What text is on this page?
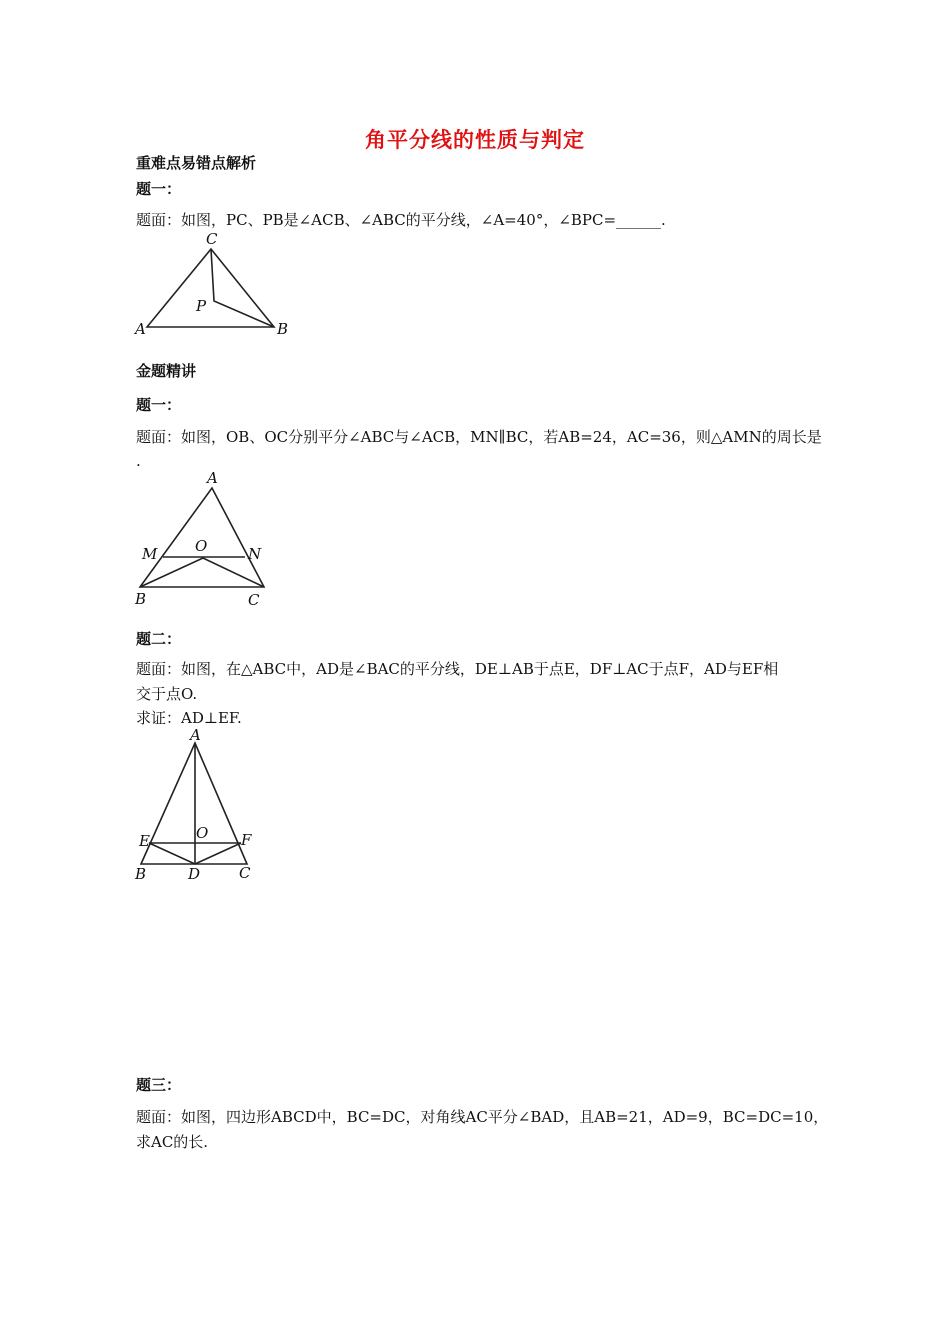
角平分线的性质与判定
重难点易错点解析
题一：
题面：如图，PC、PB是∠ACB、∠ABC的平分线，∠A=40°，∠BPC=______.
C
P
A	B
金题精讲
题一：
题面：如图，OB、OC分别平分∠ABC与∠ACB，MN∥BC，若AB=24，AC=36，则△AMN的周长是
.
A
M	O	N
B	C
题二：
题面：如图，在△ABC中，AD是∠BAC的平分线，DE⊥AB于点E，DF⊥AC于点F，AD与EF相
交于点O.
求证：AD⊥EF.
A
E	O F
B	D	C
题三：
题面：如图，四边形ABCD中，BC=DC，对角线AC平分∠BAD，且AB=21，AD=9，BC=DC=10，
求AC的长.
